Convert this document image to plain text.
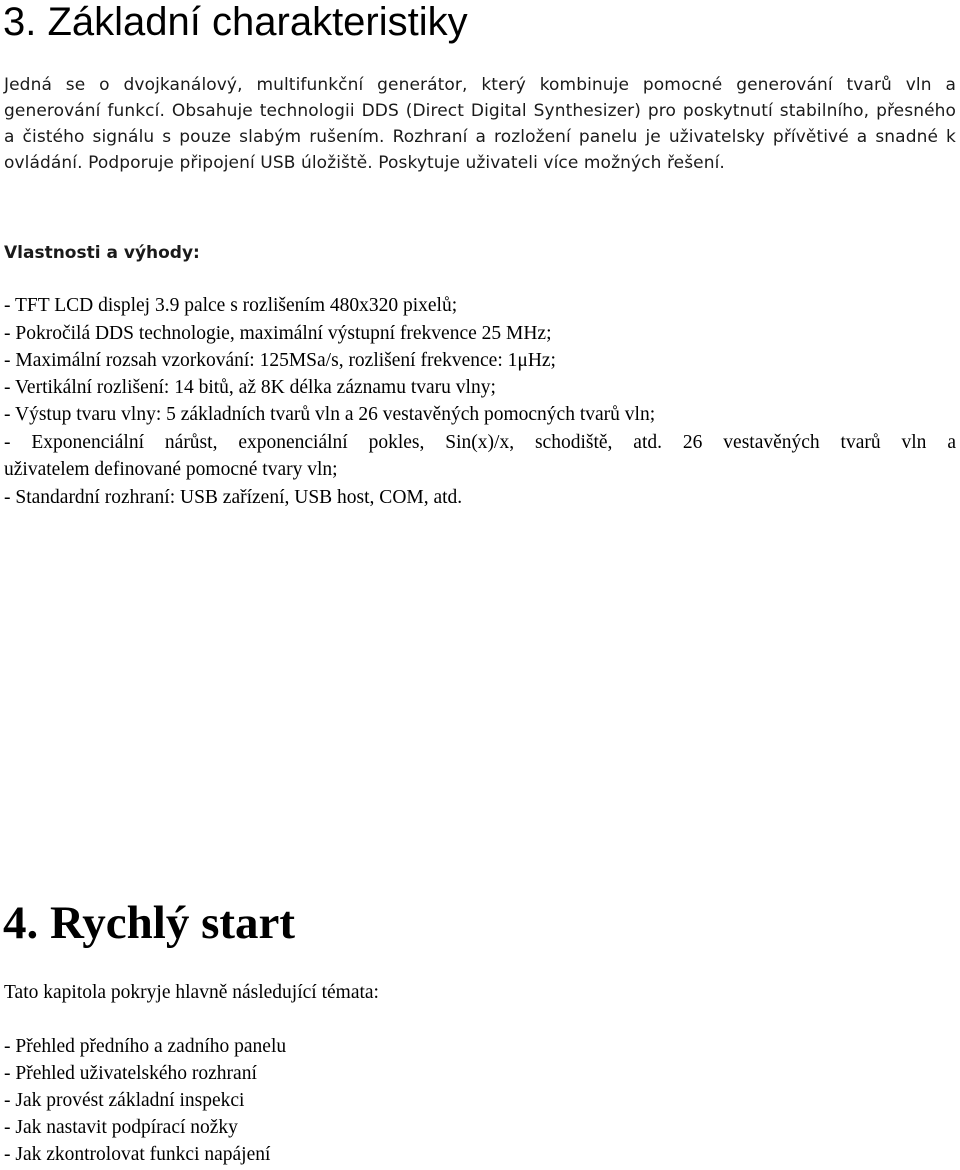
3. Základní charakteristiky

Jedná se o dvojkanálový, multifunkční generátor, který kombinuje pomocné generování tvarů vln a generování funkcí. Obsahuje technologii DDS (Direct Digital Synthesizer) pro poskytnutí stabilního, přesného a čistého signálu s pouze slabým rušením. Rozhraní a rozložení panelu je uživatelsky přívětivé a snadné k ovládání. Podporuje připojení USB úložiště. Poskytuje uživateli více možných řešení.

Vlastnosti a výhody:

- TFT LCD displej 3.9 palce s rozlišením 480x320 pixelů;

- Pokročilá DDS technologie, maximální výstupní frekvence 25 MHz;

- Maximální rozsah vzorkování: 125MSa/s, rozlišení frekvence: 1μHz;

- Vertikální rozlišení: 14 bitů, až 8K délka záznamu tvaru vlny;

- Výstup tvaru vlny: 5 základních tvarů vln a 26 vestavěných pomocných tvarů vln;

- Exponenciální nárůst, exponenciální pokles, Sin(x)/x, schodiště, atd. 26 vestavěných tvarů vln a

uživatelem definované pomocné tvary vln;

- Standardní rozhraní: USB zařízení, USB host, COM, atd.

4. Rychlý start

Tato kapitola pokryje hlavně následující témata:

- Přehled předního a zadního panelu

- Přehled uživatelského rozhraní

- Jak provést základní inspekci

- Jak nastavit podpírací nožky

- Jak zkontrolovat funkci napájení
